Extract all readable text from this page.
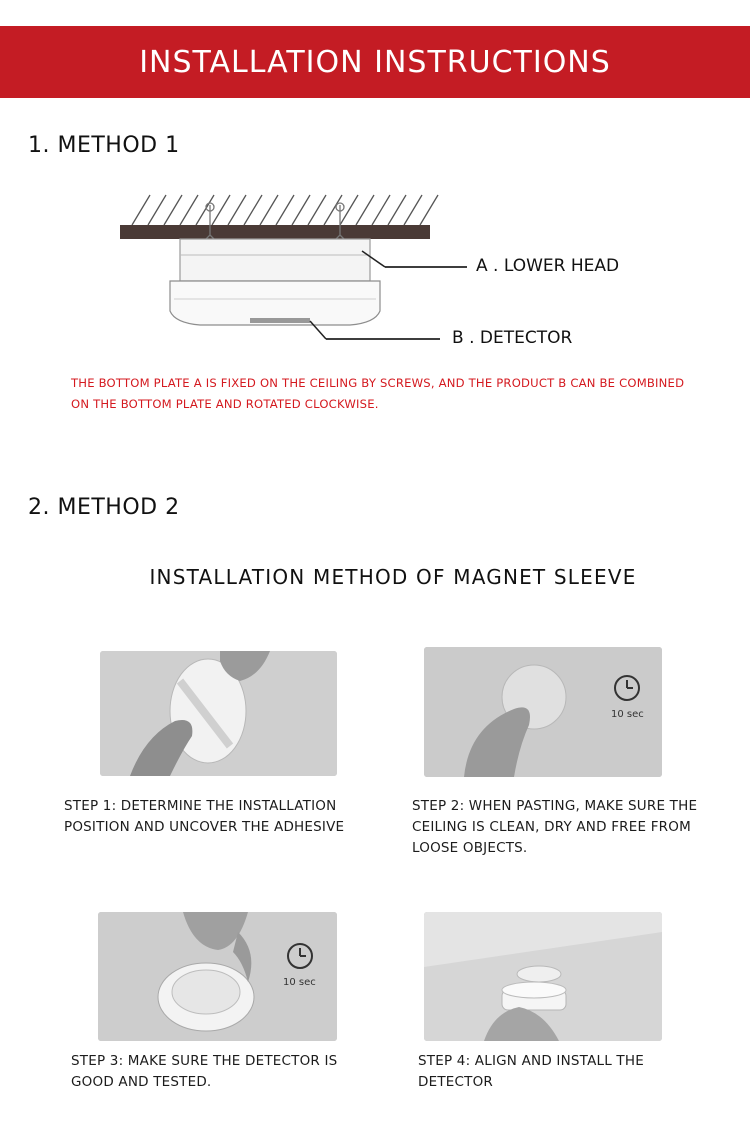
INSTALLATION INSTRUCTIONS
1. METHOD 1
A . LOWER HEAD
B . DETECTOR
THE BOTTOM PLATE A IS FIXED ON THE CEILING BY SCREWS, AND THE PRODUCT B CAN BE COMBINED ON THE BOTTOM PLATE AND ROTATED CLOCKWISE.
2. METHOD 2
INSTALLATION METHOD OF MAGNET SLEEVE
10 sec
STEP 1: DETERMINE THE INSTALLATION POSITION AND UNCOVER THE ADHESIVE
STEP 2: WHEN PASTING, MAKE SURE THE CEILING IS CLEAN, DRY AND FREE FROM LOOSE OBJECTS.
10 sec
STEP 3: MAKE SURE THE DETECTOR IS GOOD AND TESTED.
STEP 4: ALIGN AND INSTALL THE DETECTOR
